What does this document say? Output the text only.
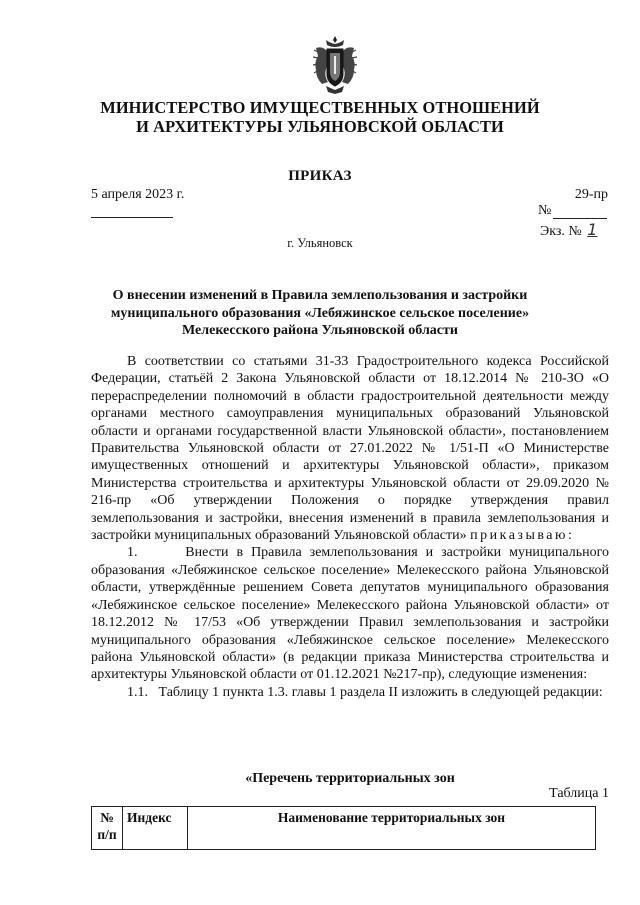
МИНИСТЕРСТВО ИМУЩЕСТВЕННЫХ ОТНОШЕНИЙ
И АРХИТЕКТУРЫ УЛЬЯНОВСКОЙ ОБЛАСТИ
ПРИКАЗ
5 апреля 2023 г.	29-пр
№
Экз. № 1
г. Ульяновск
О внесении изменений в Правила землепользования и застройки
муниципального образования «Лебяжинское сельское поселение»
Мелекесского района Ульяновской области

В соответствии со статьями 31-33 Градостроительного кодекса Российской Федерации, статьёй 2 Закона Ульяновской области от 18.12.2014 № 210-ЗО «О перераспределении полномочий в области градостроительной деятельности между органами местного самоуправления муниципальных образований Ульяновской области и органами государственной власти Ульяновской области», постановлением Правительства Ульяновской области от 27.01.2022 № 1/51-П «О Министерстве имущественных отношений и архитектуры Ульяновской области», приказом Министерства строительства и архитектуры Ульяновской области от 29.09.2020 № 216-пр «Об утверждении Положения о порядке утверждения правил землепользования и застройки, внесения изменений в правила землепользования и застройки муниципальных образований Ульяновской области» приказываю:

1.      Внести в Правила землепользования и застройки муниципального образования «Лебяжинское сельское поселение» Мелекесского района Ульяновской области, утверждённые решением Совета депутатов муниципального образования «Лебяжинское сельское поселение» Мелекесского района Ульяновской области» от 18.12.2012 № 17/53 «Об утверждении Правил землепользования и застройки муниципального образования «Лебяжинское сельское поселение» Мелекесского района Ульяновской области» (в редакции приказа Министерства строительства и архитектуры Ульяновской области от 01.12.2021 №217-пр), следующие изменения:

1.1.   Таблицу 1 пункта 1.3. главы 1 раздела II изложить в следующей редакции:

«Перечень территориальных зон
Таблица 1
№ п/п	Индекс	Наименование территориальных зон
